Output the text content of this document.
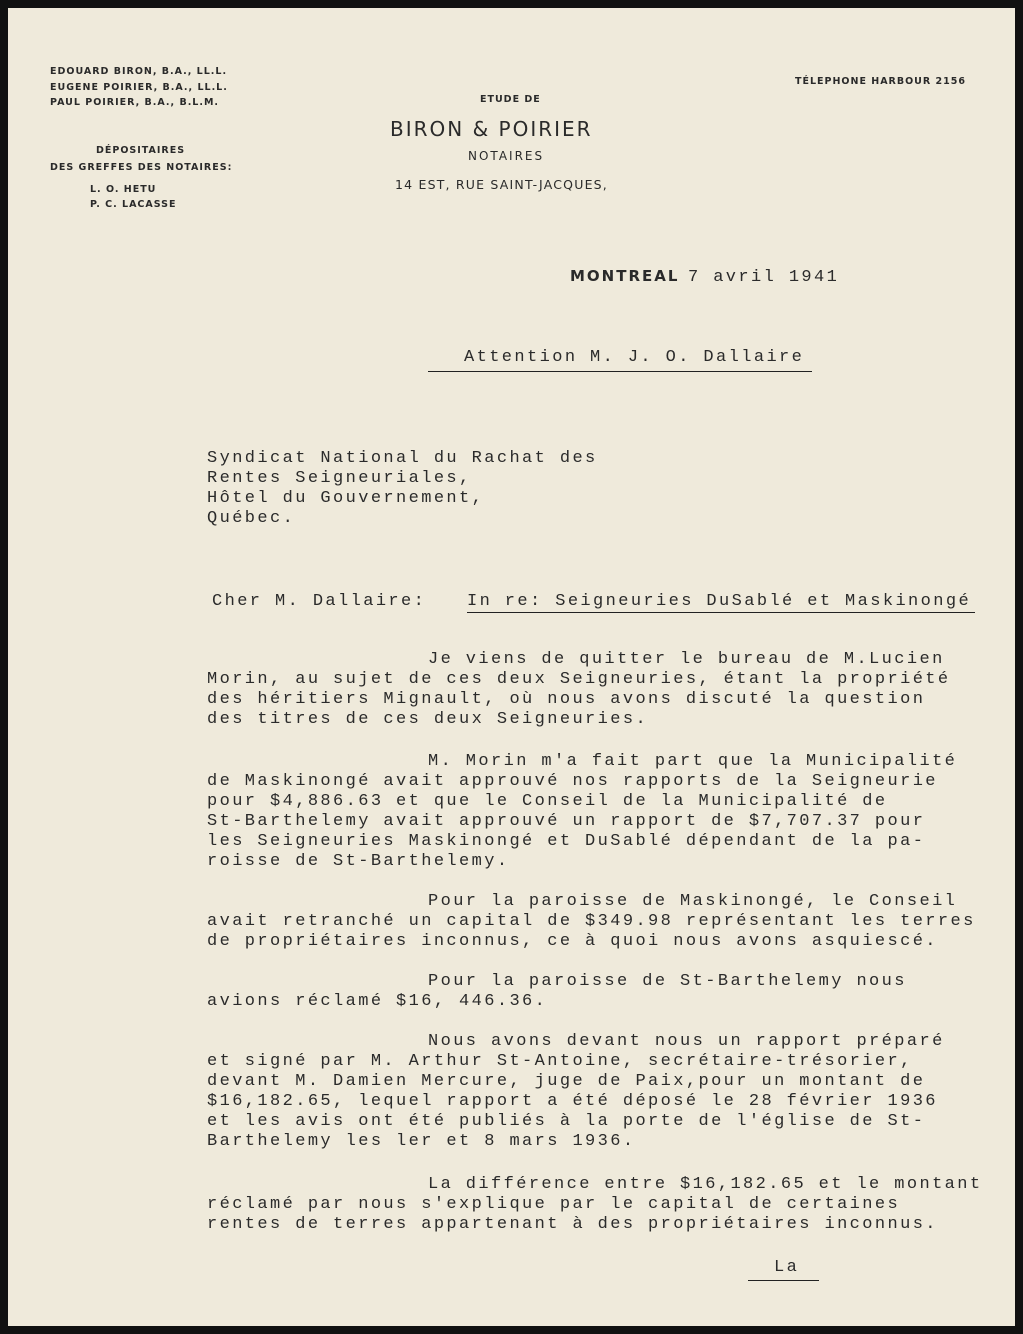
EDOUARD BIRON, B.A., LL.L.
EUGENE POIRIER, B.A., LL.L.
PAUL POIRIER, B.A., B.L.M.
DÉPOSITAIRES
DES GREFFES DES NOTAIRES:
L. O. HETU
P. C. LACASSE
ETUDE DE
BIRON & POIRIER
NOTAIRES
14 EST, RUE SAINT-JACQUES,
TÉLEPHONE HARBOUR 2156
MONTREAL 7 avril 1941
Attention M. J. O. Dallaire
Syndicat National du Rachat des
Rentes Seigneuriales,
Hôtel du Gouvernement,
Québec.
Cher M. Dallaire: In re: Seigneuries DuSablé et Maskinongé
Je viens de quitter le bureau de M.Lucien
Morin, au sujet de ces deux Seigneuries, étant la propriété
des héritiers Mignault, où nous avons discuté la question
des titres de ces deux Seigneuries.
M. Morin m'a fait part que la Municipalité
de Maskinongé avait approuvé nos rapports de la Seigneurie
pour $4,886.63 et que le Conseil de la Municipalité de
St-Barthelemy avait approuvé un rapport de $7,707.37 pour
les Seigneuries Maskinongé et DuSablé dépendant de la pa-
roisse de St-Barthelemy.
Pour la paroisse de Maskinongé, le Conseil
avait retranché un capital de $349.98 représentant les terres
de propriétaires inconnus, ce à quoi nous avons asquiescé.
Pour la paroisse de St-Barthelemy nous
avions réclamé $16, 446.36.
Nous avons devant nous un rapport préparé
et signé par M. Arthur St-Antoine, secrétaire-trésorier,
devant M. Damien Mercure, juge de Paix,pour un montant de
$16,182.65, lequel rapport a été déposé le 28 février 1936
et les avis ont été publiés à la porte de l'église de St-
Barthelemy les ler et 8 mars 1936.
La différence entre $16,182.65 et le montant
réclamé par nous s'explique par le capital de certaines
rentes de terres appartenant à des propriétaires inconnus.
La
